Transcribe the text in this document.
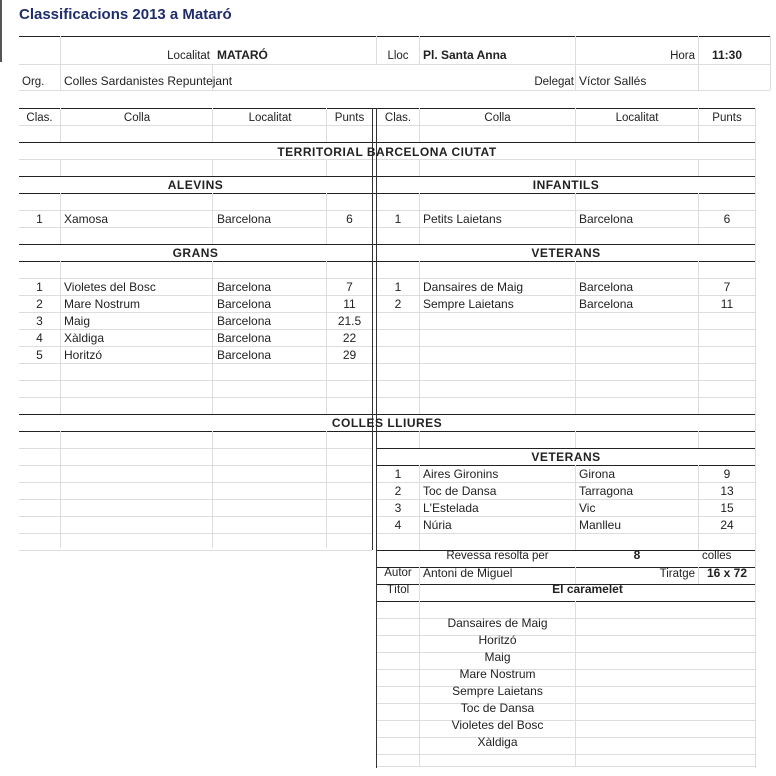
Classificacions 2013 a Mataró
Localitat MATARÓ	Lloc	Pl. Santa Anna	Hora	11:30
Org. Colles Sardanistes Repuntejant	Delegat Víctor Sallés
Clas.	Colla	Localitat	Punts	Clas.	Colla	Localitat	Punts
TERRITORIAL BARCELONA CIUTAT
ALEVINS	INFANTILS
GRANS	VETERANS
COLLES LLIURES
VETERANS
1	Xamosa	Barcelona	6	1	Petits Laietans	Barcelona	6
1	Violetes del Bosc	Barcelona	7
2	Mare Nostrum	Barcelona	11
3	Maig	Barcelona	21.5
4	Xàldiga	Barcelona	22
5	Horitzó	Barcelona	29
1	Dansaires de Maig	Barcelona	7
2	Sempre Laietans	Barcelona	11
1	Aires Gironins	Girona	9
2	Toc de Dansa	Tarragona	13
3	L'Estelada	Vic	15
4	Núria	Manlleu	24
Dansaires de Maig
Horitzó
Maig
Mare Nostrum
Sempre Laietans
Toc de Dansa
Violetes del Bosc
Xàldiga
Revessa resolta per	8	colles
Autor Antoni de Miguel	Tiratge 16 x 72
Títol	El caramelet
